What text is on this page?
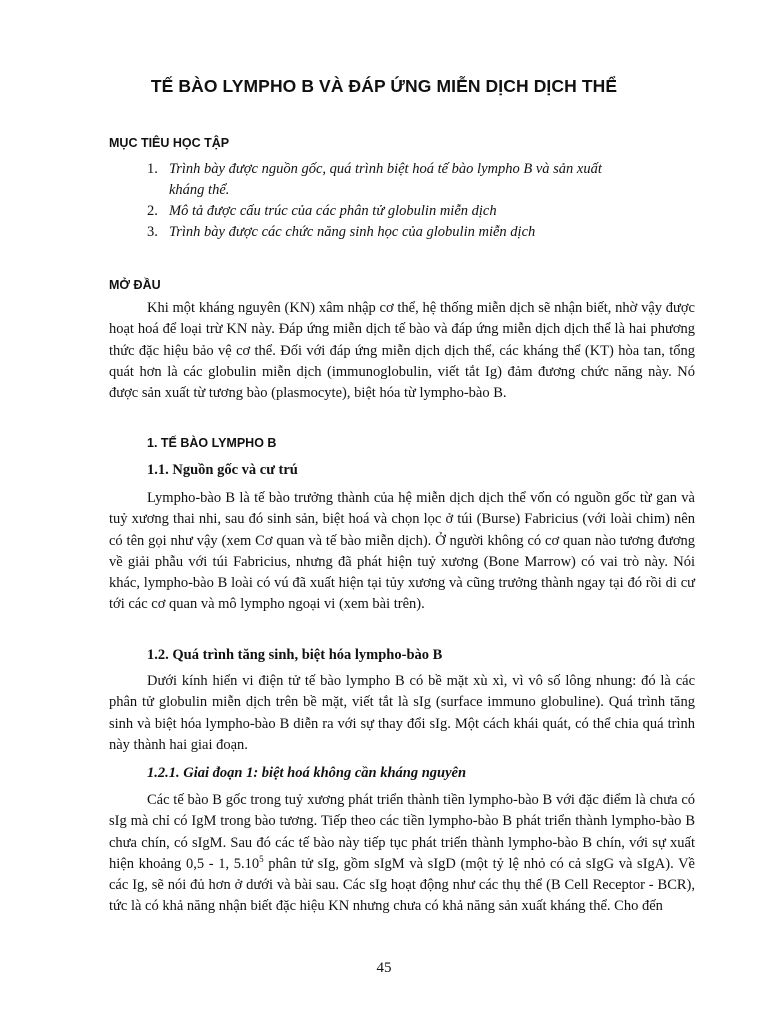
TẾ BÀO LYMPHO B VÀ ĐÁP ỨNG MIỄN DỊCH DỊCH THỂ
MỤC TIÊU HỌC TẬP
1. Trình bày được nguồn gốc, quá trình biệt hoá tế bào lympho B và sản xuất
kháng thể.
2. Mô tả được cấu trúc của các phân tử globulin miễn dịch
3. Trình bày được các chức năng sinh học của globulin miễn dịch
MỞ ĐẦU
Khi một kháng nguyên (KN) xâm nhập cơ thể, hệ thống miễn dịch sẽ nhận biết, nhờ vậy được hoạt hoá để loại trừ KN này. Đáp ứng miễn dịch tế bào và đáp ứng miễn dịch dịch thể là hai phương thức đặc hiệu bảo vệ cơ thể. Đối với đáp ứng miễn dịch dịch thể, các kháng thể (KT) hòa tan, tổng quát hơn là các globulin miễn dịch (immunoglobulin, viết tắt Ig) đảm đương chức năng này. Nó được sản xuất từ tương bào (plasmocyte), biệt hóa từ lympho-bào B.
1. TẾ BÀO LYMPHO B
1.1. Nguồn gốc và cư trú
Lympho-bào B là tế bào trưởng thành của hệ miễn dịch dịch thể vốn có nguồn gốc từ gan và tuỷ xương thai nhi, sau đó sinh sản, biệt hoá và chọn lọc ở túi (Burse) Fabricius (với loài chim) nên có tên gọi như vậy (xem Cơ quan và tế bào miễn dịch). Ở người không có cơ quan nào tương đương về giải phẫu với túi Fabricius, nhưng đã phát hiện tuỷ xương (Bone Marrow) có vai trò này. Nói khác, lympho-bào B loài có vú đã xuất hiện tại tủy xương và cũng trưởng thành ngay tại đó rồi di cư tới các cơ quan và mô lympho ngoại vi (xem bài trên).
1.2. Quá trình tăng sinh, biệt hóa lympho-bào B
Dưới kính hiển vi điện tử tế bào lympho B có bề mặt xù xì, vì vô số lông nhung: đó là các phân tử globulin miễn dịch trên bề mặt, viết tắt là sIg (surface immuno globuline). Quá trình tăng sinh và biệt hóa lympho-bào B diễn ra với sự thay đổi sIg. Một cách khái quát, có thể chia quá trình này thành hai giai đoạn.
1.2.1. Giai đoạn 1: biệt hoá không cần kháng nguyên
Các tế bào B gốc trong tuỷ xương phát triển thành tiền lympho-bào B với đặc điểm là chưa có sIg mà chỉ có IgM trong bào tương. Tiếp theo các tiền lympho-bào B phát triển thành lympho-bào B chưa chín, có sIgM. Sau đó các tế bào này tiếp tục phát triển thành lympho-bào B chín, với sự xuất hiện khoảng 0,5 - 1, 5.10$^5$ phân tử sIg, gồm sIgM và sIgD (một tỷ lệ nhỏ có cả sIgG và sIgA). Về các Ig, sẽ nói đủ hơn ở dưới và bài sau. Các sIg hoạt động như các thụ thể (B Cell Receptor - BCR), tức là có khả năng nhận biết đặc hiệu KN nhưng chưa có khả năng sản xuất kháng thể. Cho đến
45
